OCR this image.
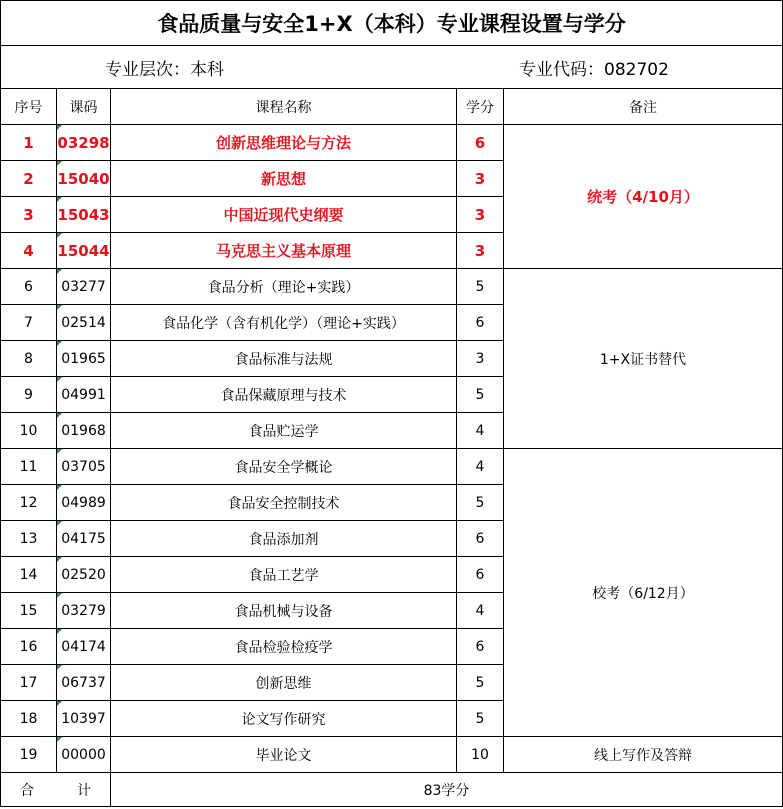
食品质量与安全1+X（本科）专业课程设置与学分				
专业层次：本科 专业代码：082702				

序号	课码	课程名称	学分	备注
1	03298	创新思维理论与方法	6	统考（4/10月）
2	15040	新思想	3	
3	15043	中国近现代史纲要	3	
4	15044	马克思主义基本原理	3	
6	03277	食品分析（理论+实践）	5	1+X证书替代
7	02514	食品化学（含有机化学）（理论+实践）	6	
8	01965	食品标准与法规	3	
9	04991	食品保藏原理与技术	5	
10	01968	食品贮运学	4	
11	03705	食品安全学概论	4	校考（6/12月）
12	04989	食品安全控制技术	5	
13	04175	食品添加剂	6	
14	02520	食品工艺学	6	
15	03279	食品机械与设备	4	
16	04174	食品检验检疫学	6	
17	06737	创新思维	5	
18	10397	论文写作研究	5	
19	00000	毕业论文	10	线上写作及答辩
合 计		83学分		
